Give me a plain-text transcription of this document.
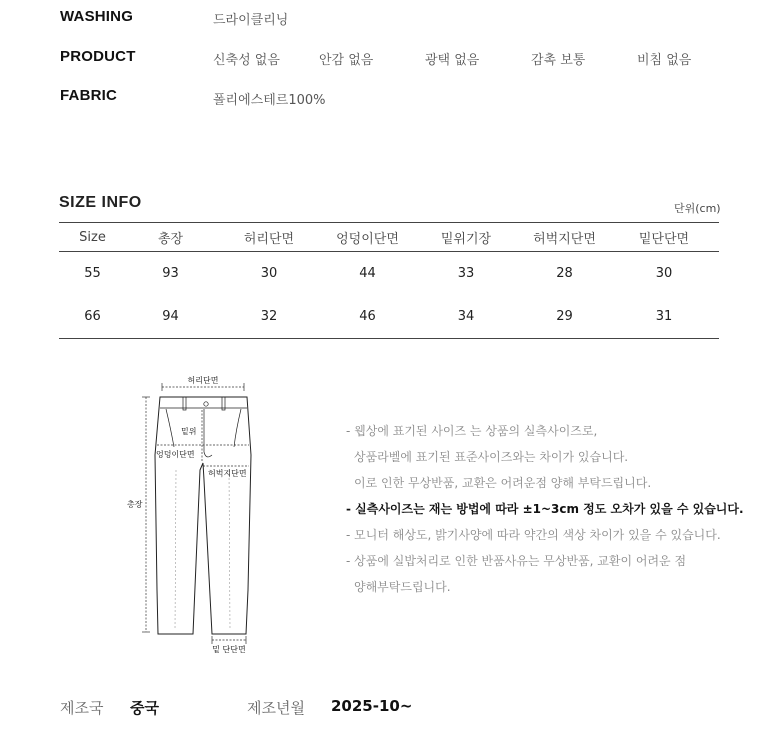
WASHING	드라이클리닝
PRODUCT	신축성 없음	안감 없음	광택 없음	감촉 보통	비침 없음
FABRIC	폴리에스테르100%
SIZE INFO	단위(cm)
Size	총장	허리단면	엉덩이단면	밑위기장	허벅지단면	밑단단면
55	93	30	44	33	28	30
66	94	32	46	34	29	31
허리단면
밑위
엉덩이단면
허벅지단면
총장
밑 단단면
- 웹상에 표기된 사이즈 는 상품의 실측사이즈로,
상품라벨에 표기된 표준사이즈와는 차이가 있습니다.
이로 인한 무상반품, 교환은 어려운점 양해 부탁드립니다.
- 실측사이즈는 재는 방법에 따라 ±1~3cm 정도 오차가 있을 수 있습니다.
- 모니터 해상도, 밝기사양에 따라 약간의 색상 차이가 있을 수 있습니다.
- 상품에 실밥처리로 인한 반품사유는 무상반품, 교환이 어려운 점
양해부탁드립니다.
제조국 중국	제조년월 2025-10~
